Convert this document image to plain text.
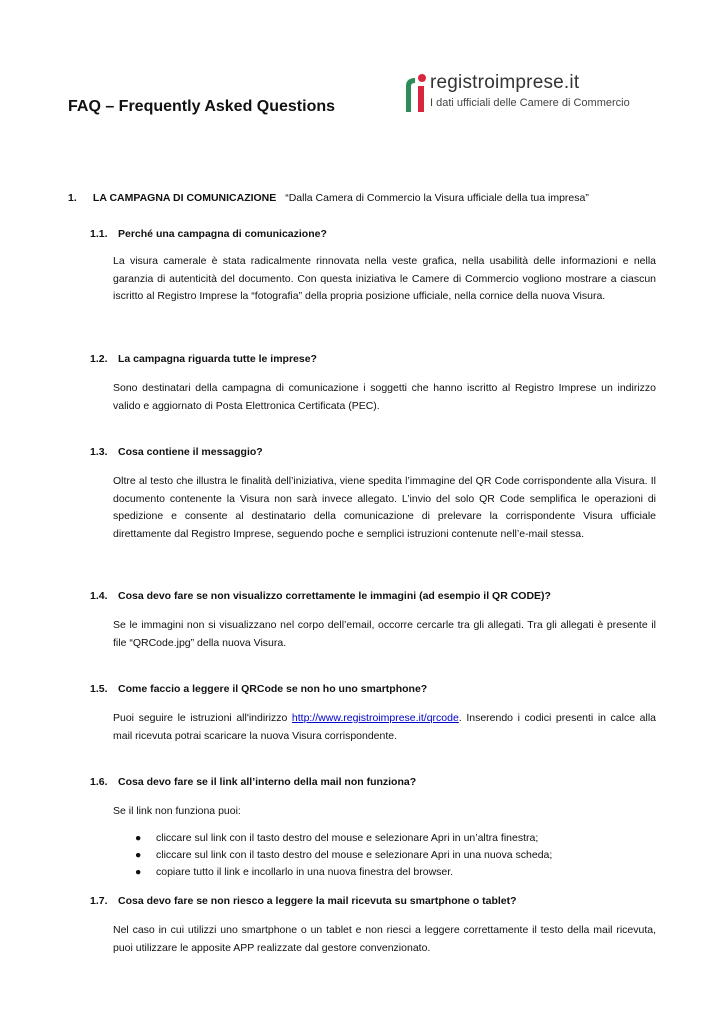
FAQ – Frequently Asked Questions
registroimprese.it
I dati ufficiali delle Camere di Commercio
1. LA CAMPAGNA DI COMUNICAZIONE “Dalla Camera di Commercio la Visura ufficiale della tua impresa”
1.1. Perché una campagna di comunicazione?

La visura camerale è stata radicalmente rinnovata nella veste grafica, nella usabilità delle informazioni e nella garanzia di autenticità del documento. Con questa iniziativa le Camere di Commercio vogliono mostrare a ciascun iscritto al Registro Imprese la “fotografia” della propria posizione ufficiale, nella cornice della nuova Visura.

1.2. La campagna riguarda tutte le imprese?

Sono destinatari della campagna di comunicazione i soggetti che hanno iscritto al Registro Imprese un indirizzo valido e aggiornato di Posta Elettronica Certificata (PEC).

1.3. Cosa contiene il messaggio?

Oltre al testo che illustra le finalità dell’iniziativa, viene spedita l’immagine del QR Code corrispondente alla Visura. Il documento contenente la Visura non sarà invece allegato. L’invio del solo QR Code semplifica le operazioni di spedizione e consente al destinatario della comunicazione di prelevare la corrispondente Visura ufficiale direttamente dal Registro Imprese, seguendo poche e semplici istruzioni contenute nell’e-mail stessa.

1.4. Cosa devo fare se non visualizzo correttamente le immagini (ad esempio il QR CODE)?

Se le immagini non si visualizzano nel corpo dell’email, occorre cercarle tra gli allegati. Tra gli allegati è presente il file “QRCode.jpg” della nuova Visura.

1.5. Come faccio a leggere il QRCode se non ho uno smartphone?

Puoi seguire le istruzioni all'indirizzo http://www.registroimprese.it/qrcode. Inserendo i codici presenti in calce alla mail ricevuta potrai scaricare la nuova Visura corrispondente.

1.6. Cosa devo fare se il link all’interno della mail non funziona?

Se il link non funziona puoi:

● cliccare sul link con il tasto destro del mouse e selezionare Apri in un’altra finestra;
● cliccare sul link con il tasto destro del mouse e selezionare Apri in una nuova scheda;
● copiare tutto il link e incollarlo in una nuova finestra del browser.
1.7. Cosa devo fare se non riesco a leggere la mail ricevuta su smartphone o tablet?

Nel caso in cui utilizzi uno smartphone o un tablet e non riesci a leggere correttamente il testo della mail ricevuta, puoi utilizzare le apposite APP realizzate dal gestore convenzionato.
